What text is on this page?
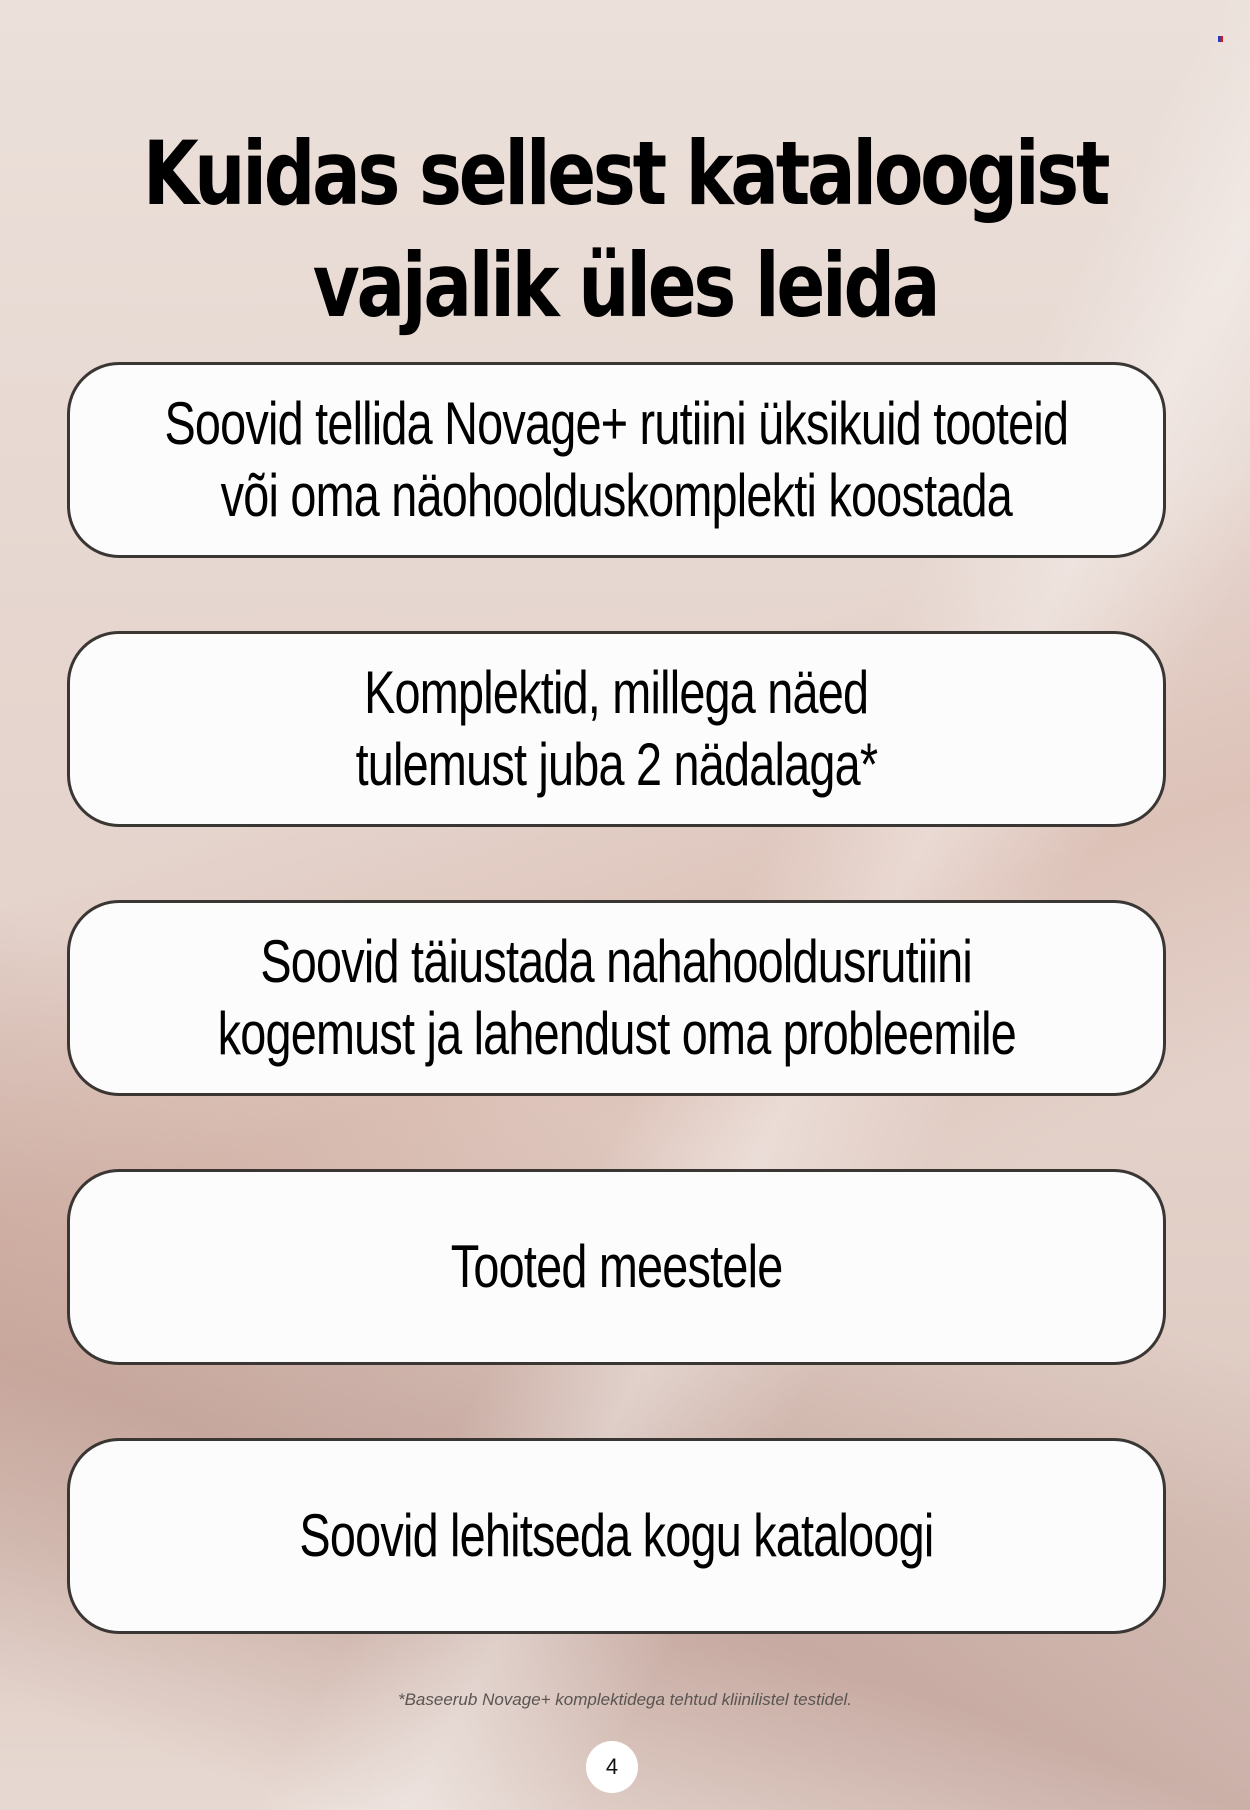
Kuidas sellest kataloogist
vajalik üles leida
Soovid tellida Novage+ rutiini üksikuid tooteid
või oma näohoolduskomplekti koostada
Komplektid, millega näed
tulemust juba 2 nädalaga*
Soovid täiustada nahahooldusrutiini
kogemust ja lahendust oma probleemile
Tooted meestele
Soovid lehitseda kogu kataloogi
*Baseerub Novage+ komplektidega tehtud kliinilistel testidel.
4
